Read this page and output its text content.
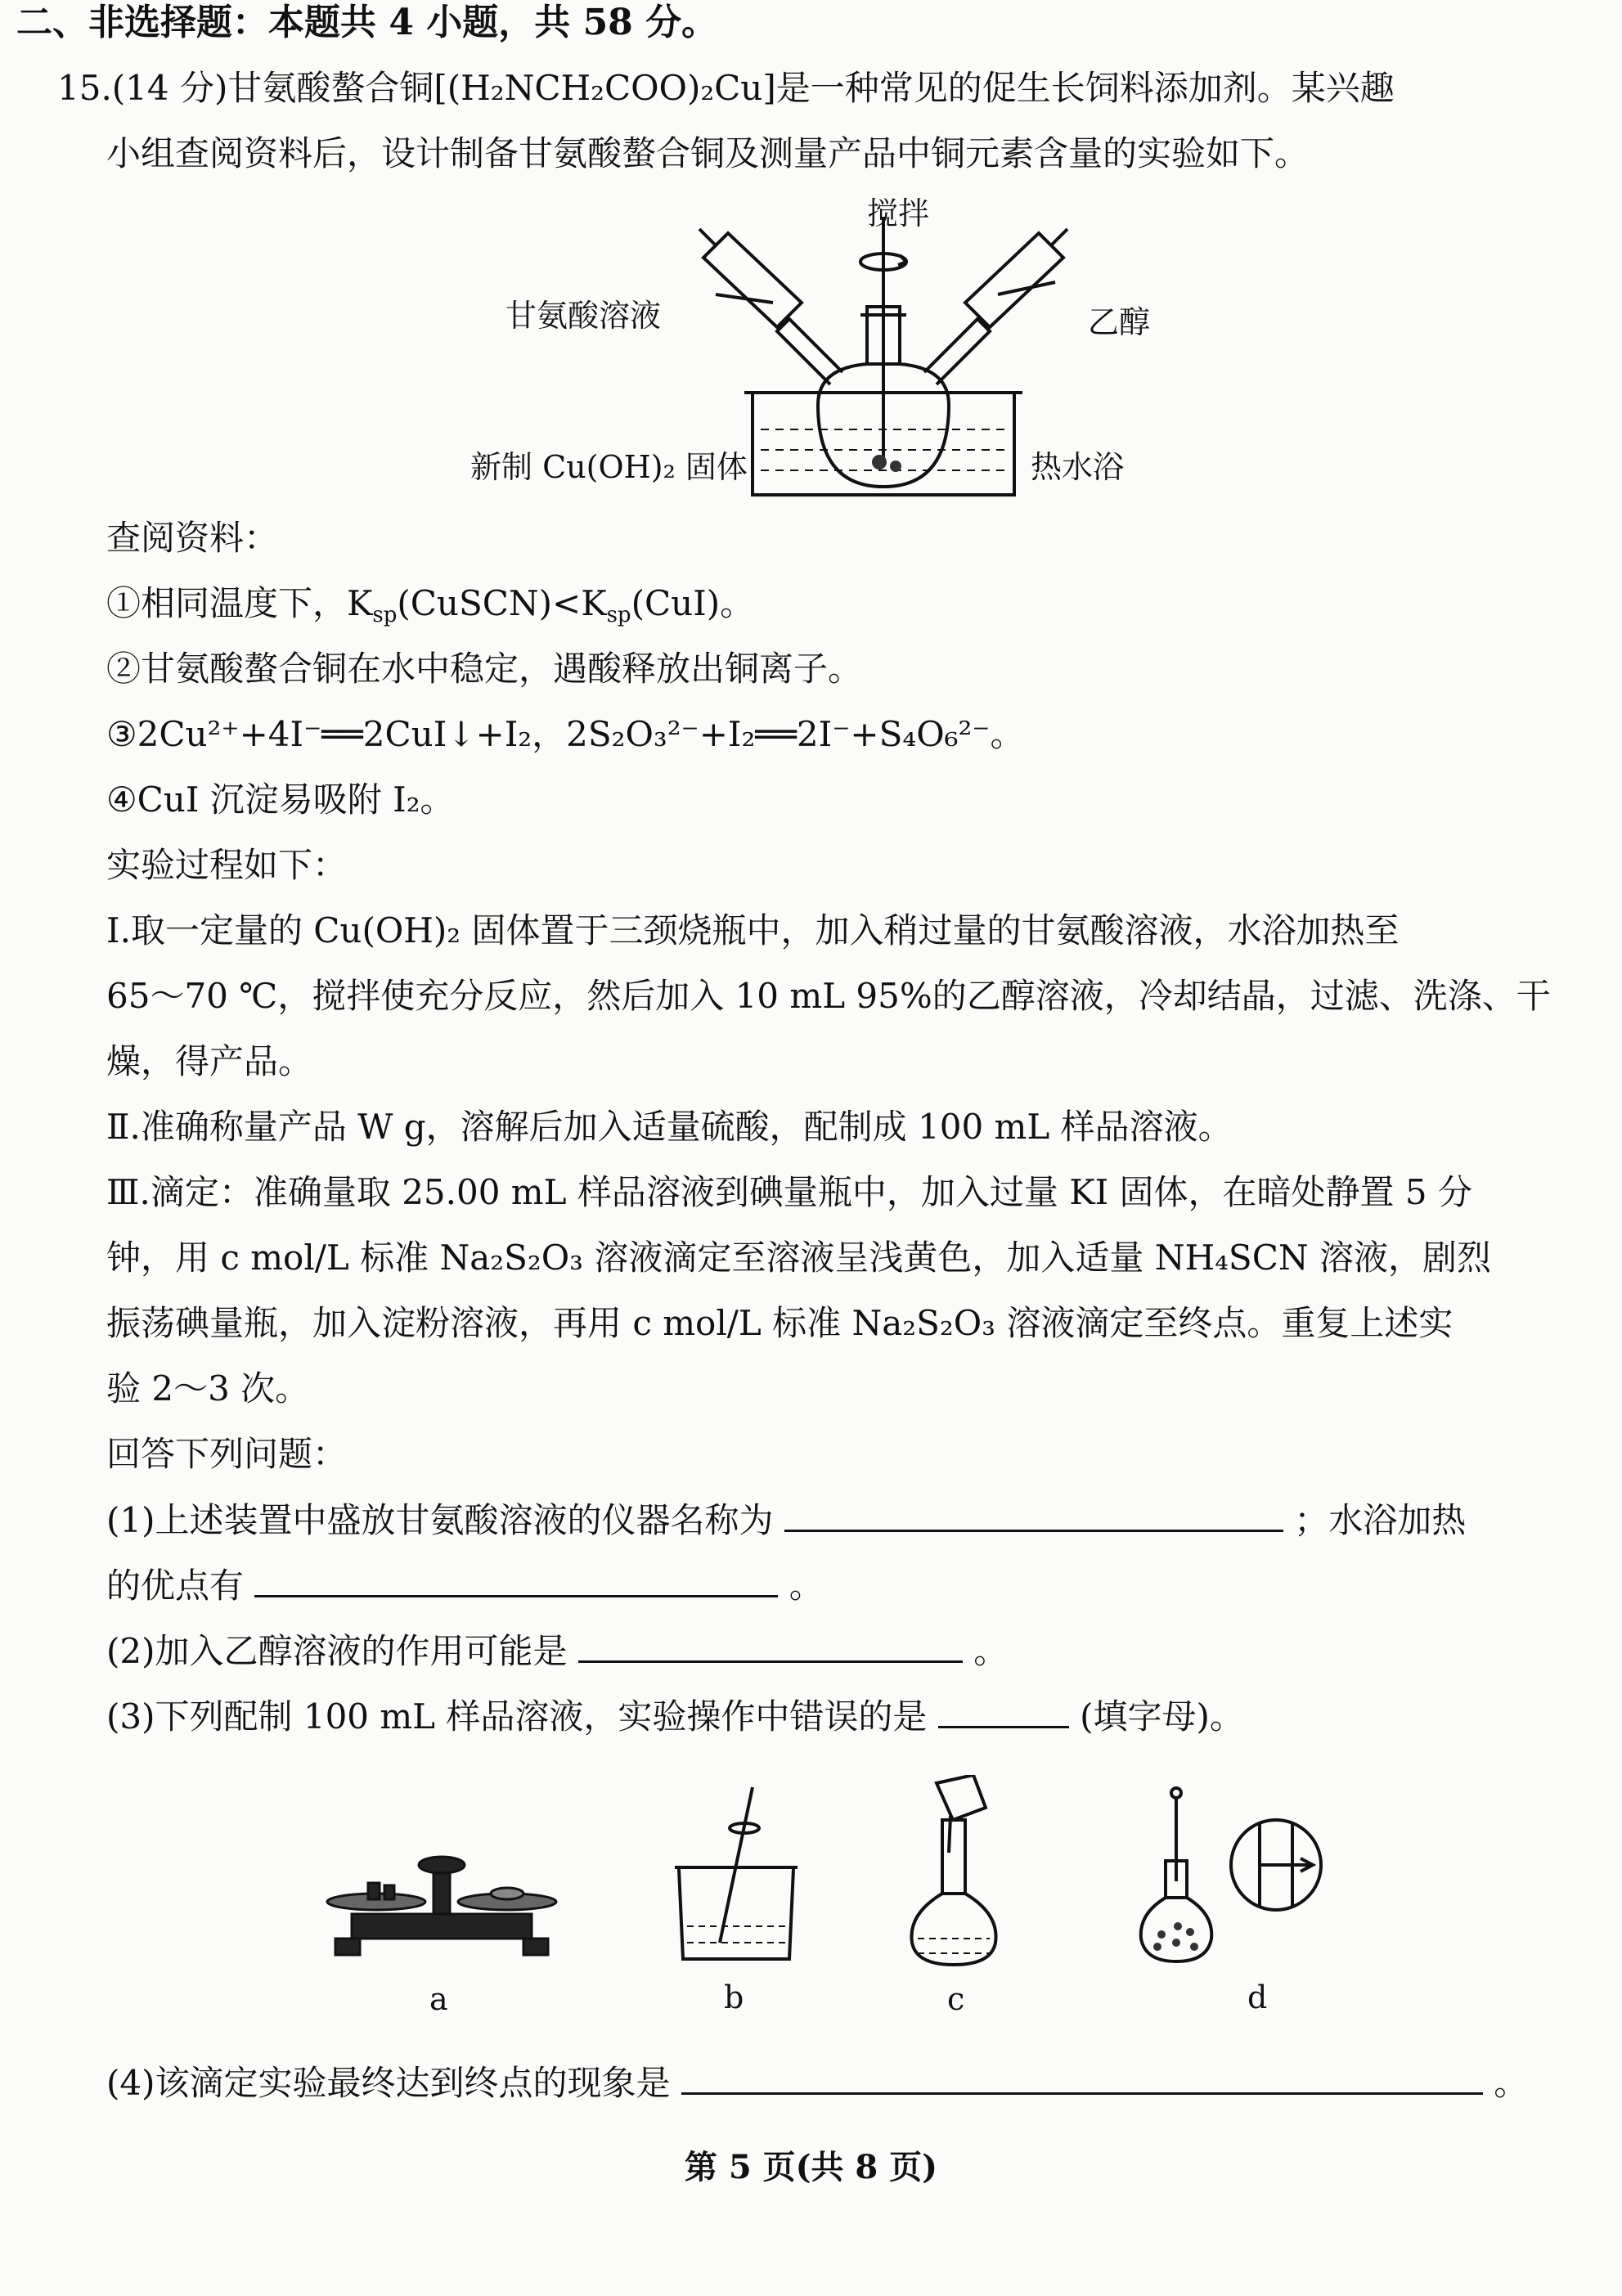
二、非选择题：本题共 4 小题，共 58 分。
15.(14 分)甘氨酸螯合铜[(H₂NCH₂COO)₂Cu]是一种常见的促生长饲料添加剂。某兴趣
小组查阅资料后，设计制备甘氨酸螯合铜及测量产品中铜元素含量的实验如下。
搅拌
甘氨酸溶液	乙醇
新制 Cu(OH)₂ 固体	热水浴
查阅资料：
①相同温度下，$K_{sp}(CuSCN)<K_{sp}(CuI)$。
②甘氨酸螯合铜在水中稳定，遇酸释放出铜离子。
③2Cu²⁺+4I⁻══2CuI↓+I₂，2S₂O₃²⁻+I₂══2I⁻+S₄O₆²⁻。
④CuI 沉淀易吸附 I₂。
实验过程如下：
Ⅰ.取一定量的 Cu(OH)₂ 固体置于三颈烧瓶中，加入稍过量的甘氨酸溶液，水浴加热至
65～70 ℃，搅拌使充分反应，然后加入 10 mL 95%的乙醇溶液，冷却结晶，过滤、洗涤、干
燥，得产品。
Ⅱ.准确称量产品 W g，溶解后加入适量硫酸，配制成 100 mL 样品溶液。
Ⅲ.滴定：准确量取 25.00 mL 样品溶液到碘量瓶中，加入过量 KI 固体，在暗处静置 5 分
钟，用 c mol/L 标准 Na₂S₂O₃ 溶液滴定至溶液呈浅黄色，加入适量 NH₄SCN 溶液，剧烈
振荡碘量瓶，加入淀粉溶液，再用 c mol/L 标准 Na₂S₂O₃ 溶液滴定至终点。重复上述实
验 2～3 次。
回答下列问题：
(1)上述装置中盛放甘氨酸溶液的仪器名称为	；水浴加热
的优点有	。
(2)加入乙醇溶液的作用可能是	。
(3)下列配制 100 mL 样品溶液，实验操作中错误的是	(填字母)。
a	b	c	d
(4)该滴定实验最终达到终点的现象是	。
第 5 页(共 8 页)
